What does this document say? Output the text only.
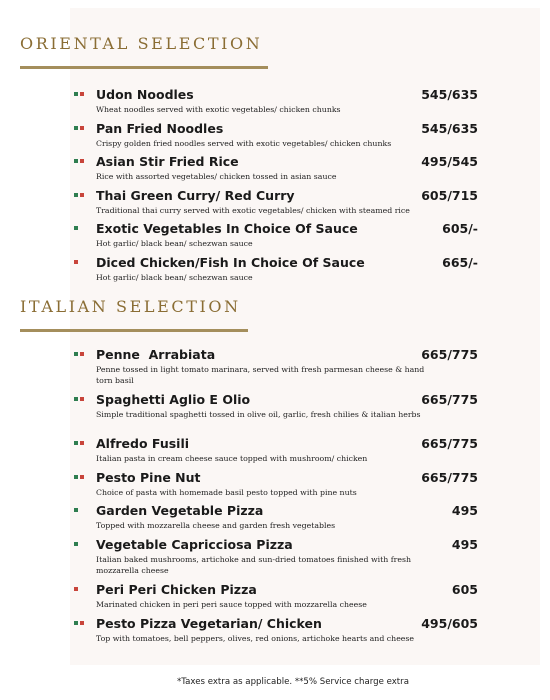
ORIENTAL SELECTION
Udon Noodles	545/635
Wheat noodles served with exotic vegetables/ chicken chunks
Pan Fried Noodles	545/635
Crispy golden fried noodles served with exotic vegetables/ chicken chunks
Asian Stir Fried Rice	495/545
Rice with assorted vegetables/ chicken tossed in asian sauce
Thai Green Curry/ Red Curry	605/715
Traditional thai curry served with exotic vegetables/ chicken with steamed rice
Exotic Vegetables In Choice Of Sauce	605/-
Hot garlic/ black bean/ schezwan sauce
Diced Chicken/Fish In Choice Of Sauce	665/-
Hot garlic/ black bean/ schezwan sauce
ITALIAN SELECTION
Penne  Arrabiata	665/775
Penne tossed in light tomato marinara, served with fresh parmesan cheese & hand torn basil
Spaghetti Aglio E Olio	665/775
Simple traditional spaghetti tossed in olive oil, garlic, fresh chilies & italian herbs
Alfredo Fusili	665/775
Italian pasta in cream cheese sauce topped with mushroom/ chicken
Pesto Pine Nut	665/775
Choice of pasta with homemade basil pesto topped with pine nuts
Garden Vegetable Pizza	495
Topped with mozzarella cheese and garden fresh vegetables
Vegetable Capricciosa Pizza	495
Italian baked mushrooms, artichoke and sun-dried tomatoes finished with fresh mozzarella cheese
Peri Peri Chicken Pizza	605
Marinated chicken in peri peri sauce topped with mozzarella cheese
Pesto Pizza Vegetarian/ Chicken	495/605
Top with tomatoes, bell peppers, olives, red onions, artichoke hearts and cheese
*Taxes extra as applicable. **5% Service charge extra
